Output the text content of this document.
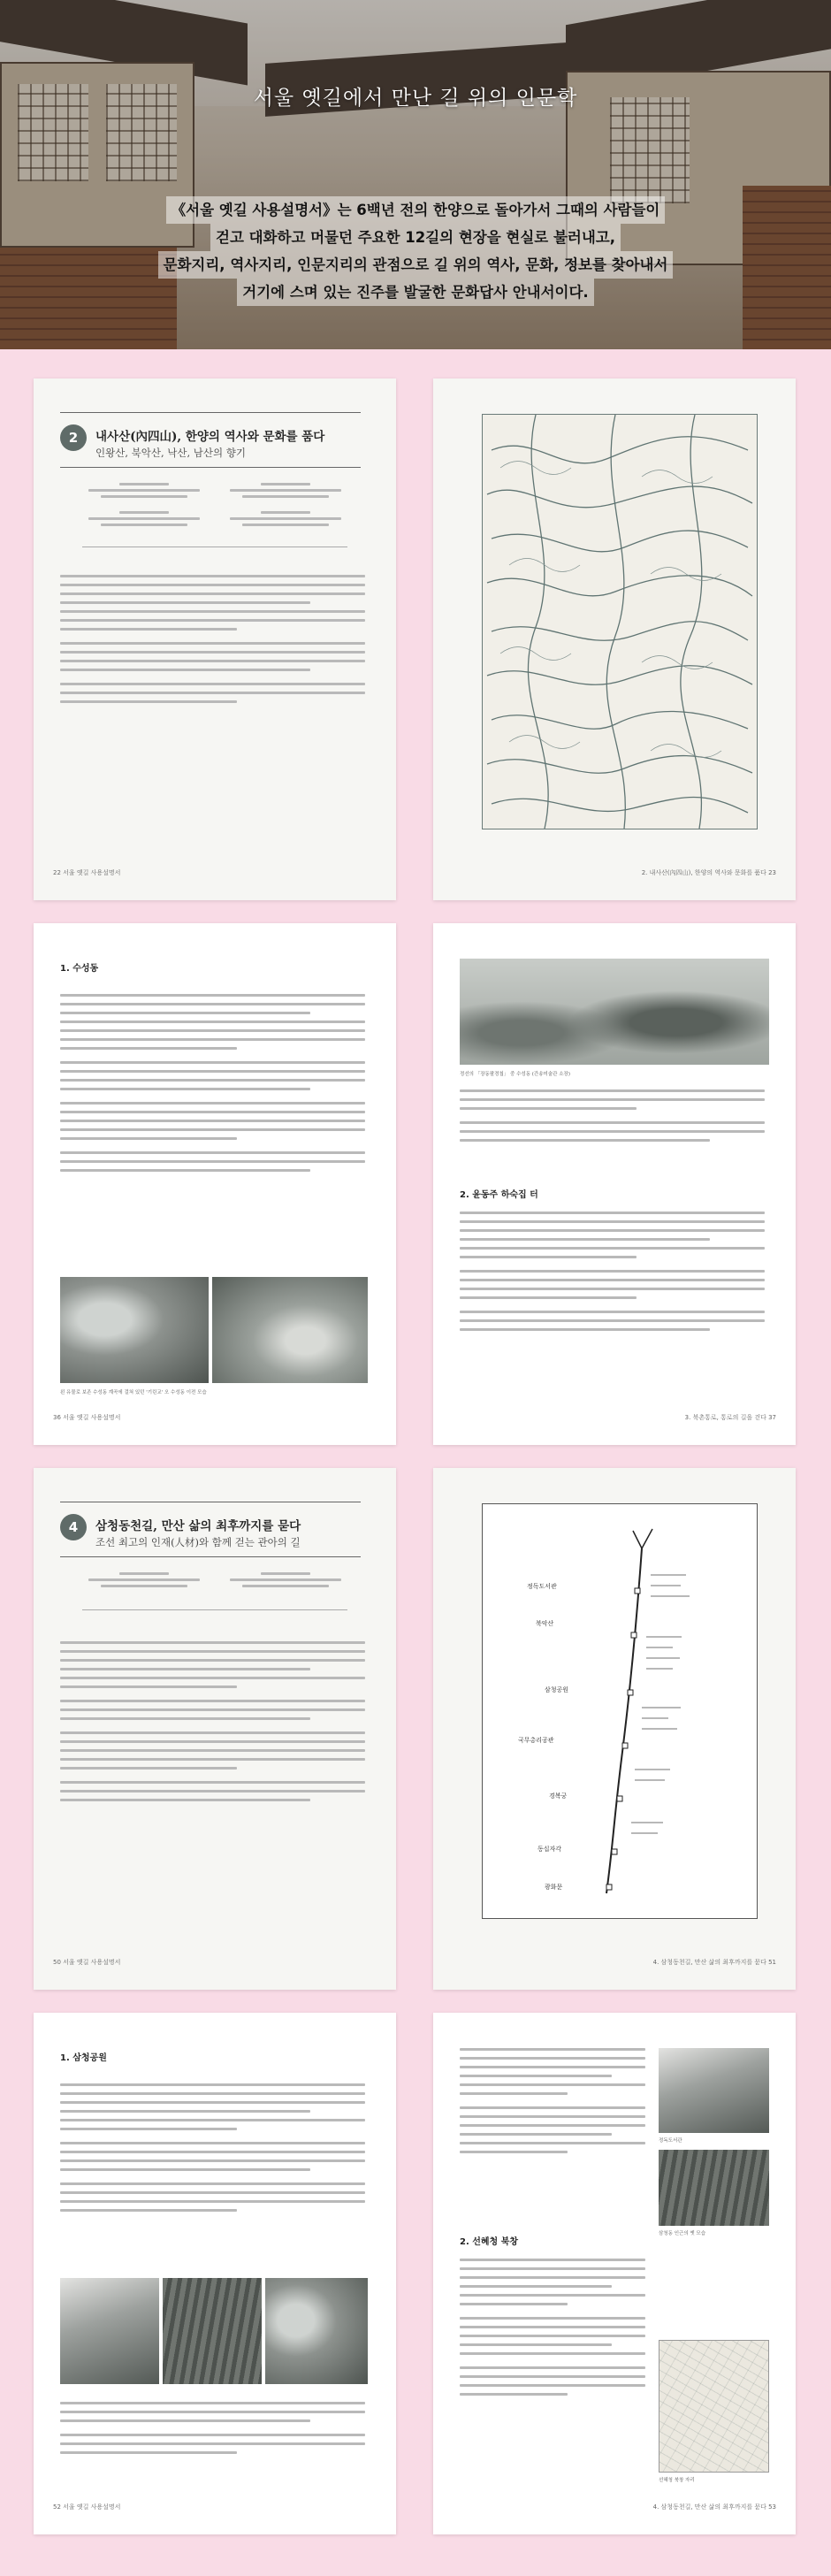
서울 옛길에서 만난 길 위의 인문학
《서울 옛길 사용설명서》는 6백년 전의 한양으로 돌아가서 그때의 사람들이
걷고 대화하고 머물던 주요한 12길의 현장을 현실로 불러내고,
문화지리, 역사지리, 인문지리의 관점으로 길 위의 역사, 문화, 정보를 찾아내서
거기에 스며 있는 진주를 발굴한 문화답사 안내서이다.
2	내사산(內四山), 한양의 역사와 문화를 품다
인왕산, 북악산, 낙산, 남산의 향기
22 서울 옛길 사용설명서	2. 내사산(內四山), 한양의 역사와 문화를 품다 23
1. 수성동
왼 유물로 보존 수성동 계곡에 걸쳐 있던 '기린교' 오 수성동 이전 모습
36 서울 옛길 사용설명서
정선의 「장동팔경첩」 중 수성동 (간송미술관 소장)
2. 윤동주 하숙집 터
3. 북촌통로, 통로의 길을 걷다 37
4	삼청동천길, 만산 삶의 최후까지를 묻다
조선 최고의 인재(人材)와 함께 걷는 관아의 길
50 서울 옛길 사용설명서
정독도서관
북악산
삼청공원
국무총리공관
경복궁
동십자각
광화문
4. 삼청동천길, 만산 삶의 최후까지를 묻다 51
1. 삼청공원
52 서울 옛길 사용설명서
정독도서관
삼청동 인근의 옛 모습
2. 선혜청 북창
선혜청 북창 자리
4. 삼청동천길, 만산 삶의 최후까지를 묻다 53
